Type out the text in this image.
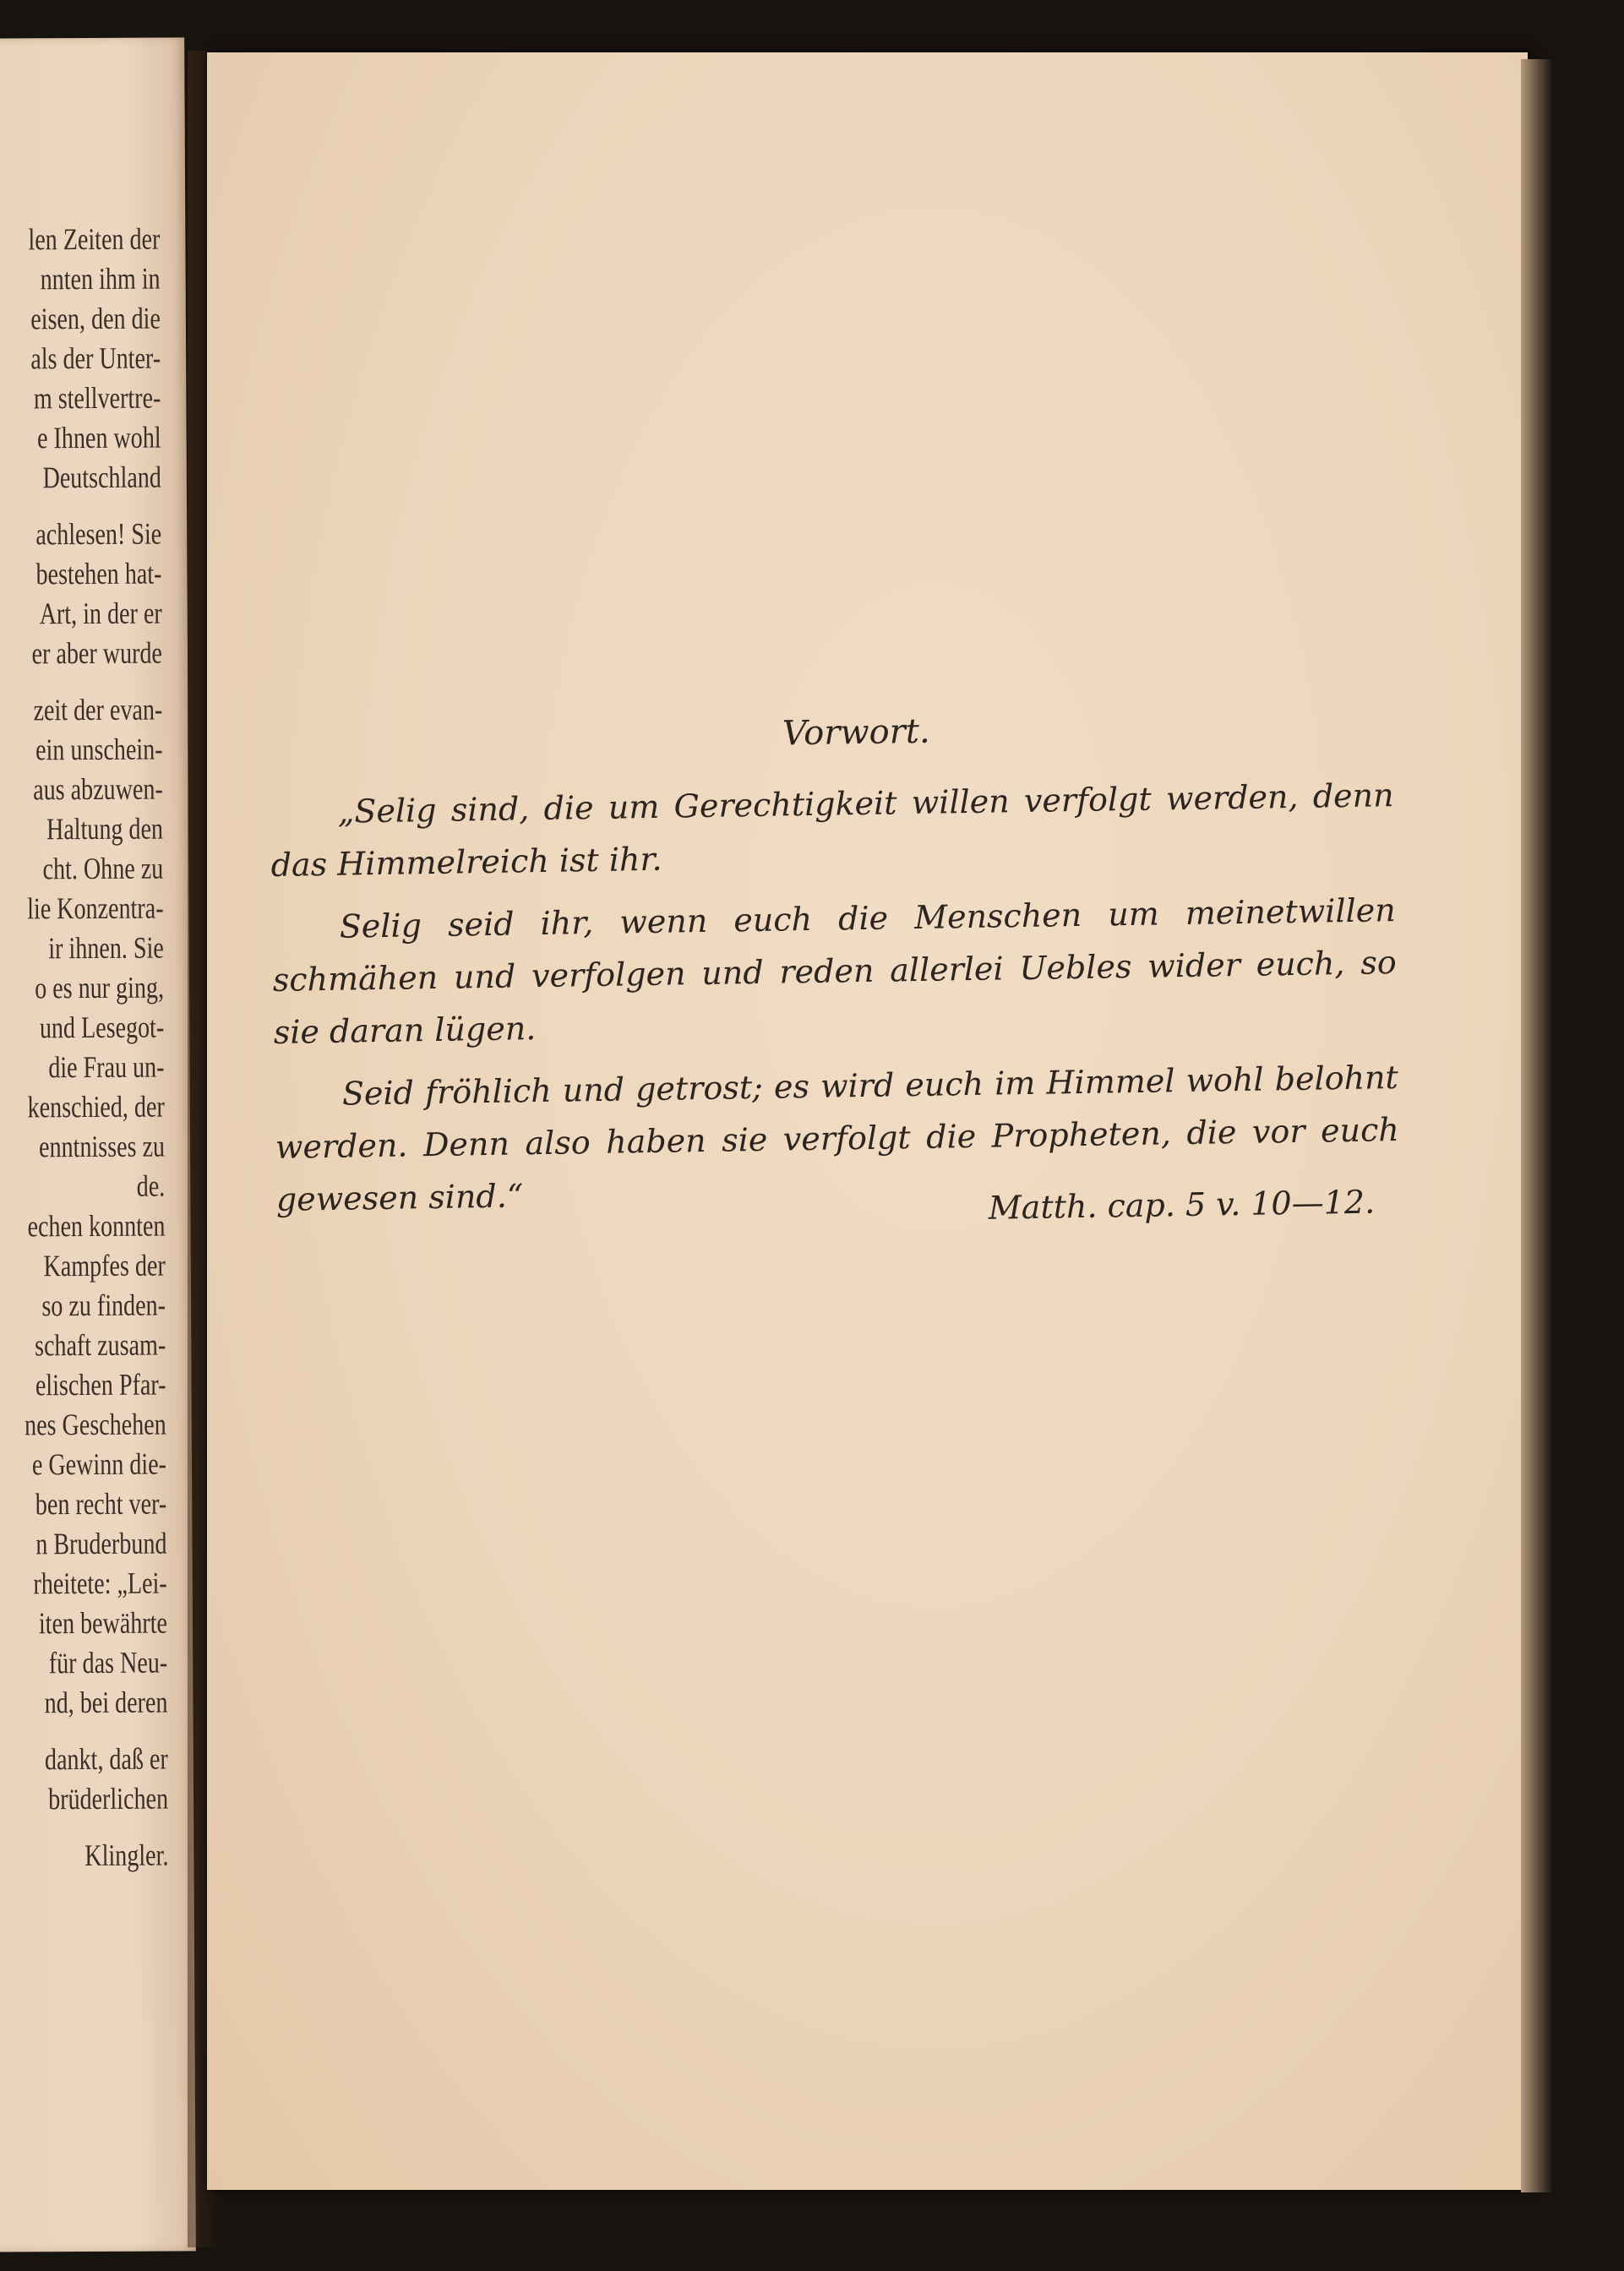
len Zeiten der
nnten ihm in
eisen, den die
als der Unter-
m stellvertre-
e Ihnen wohl
Deutschland
achlesen! Sie
bestehen hat-
Art, in der er
er aber wurde
zeit der evan-
ein unschein-
aus abzuwen-
Haltung den
cht. Ohne zu
lie Konzentra-
ir ihnen. Sie
o es nur ging,
und Lesegot-
die Frau un-
kenschied, der
enntnisses zu
de.
echen konnten
Kampfes der
so zu finden-
schaft zusam-
elischen Pfar-
nes Geschehen
e Gewinn die-
ben recht ver-
n Bruderbund
rheitete: „Lei-
iten bewährte
für das Neu-
nd, bei deren
dankt, daß er
brüderlichen
Klingler.
Vorwort.

„Selig sind, die um Gerechtigkeit willen verfolgt werden, denn das Himmelreich ist ihr.

Selig seid ihr, wenn euch die Menschen um meinetwillen schmähen und verfolgen und reden allerlei Uebles wider euch, so sie daran lügen.

Seid fröhlich und getrost; es wird euch im Himmel wohl belohnt werden. Denn also haben sie verfolgt die Propheten, die vor euch gewesen sind.“	Matth. cap. 5 v. 10—12.
